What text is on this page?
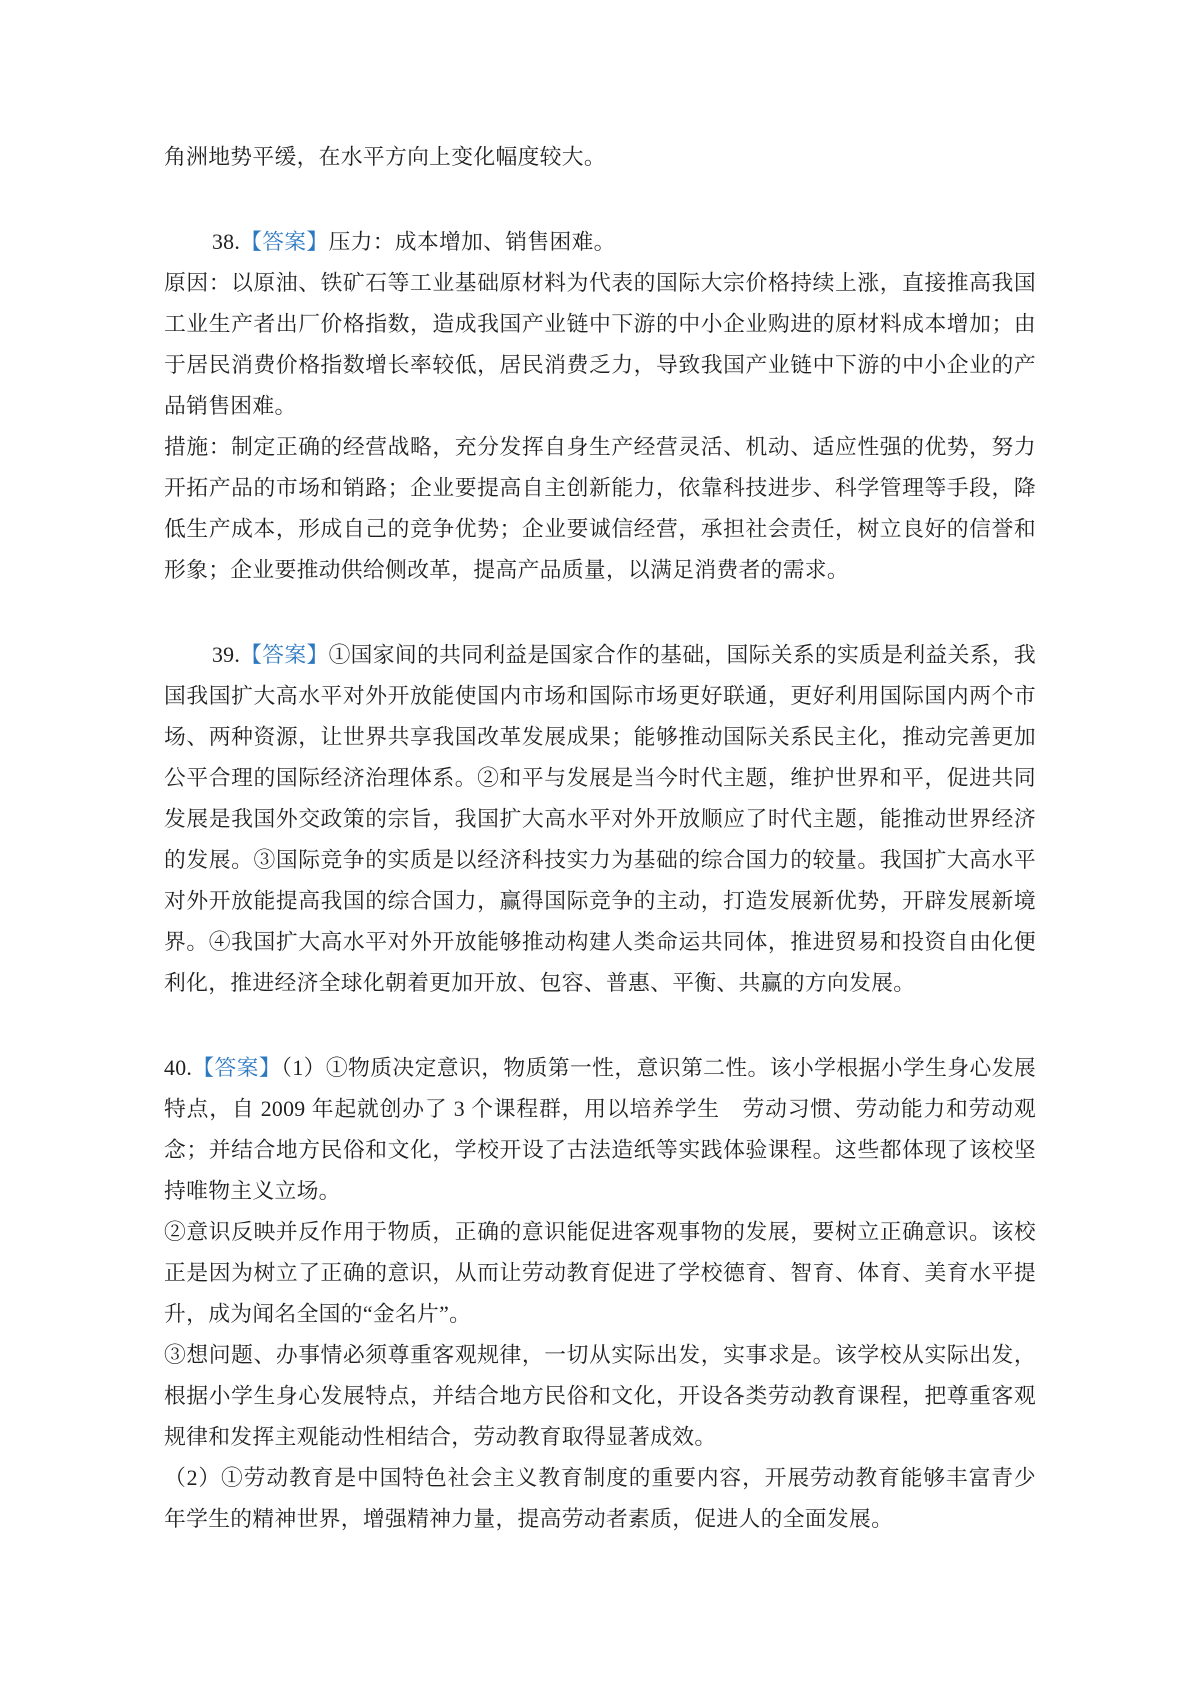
角洲地势平缓，在水平方向上变化幅度较大。

38.【答案】压力：成本增加、销售困难。

原因：以原油、铁矿石等工业基础原材料为代表的国际大宗价格持续上涨，直接推高我国工业生产者出厂价格指数，造成我国产业链中下游的中小企业购进的原材料成本增加；由于居民消费价格指数增长率较低，居民消费乏力，导致我国产业链中下游的中小企业的产品销售困难。

措施：制定正确的经营战略，充分发挥自身生产经营灵活、机动、适应性强的优势，努力开拓产品的市场和销路；企业要提高自主创新能力，依靠科技进步、科学管理等手段，降低生产成本，形成自己的竞争优势；企业要诚信经营，承担社会责任，树立良好的信誉和形象；企业要推动供给侧改革，提高产品质量，以满足消费者的需求。

39.【答案】①国家间的共同利益是国家合作的基础，国际关系的实质是利益关系，我国我国扩大高水平对外开放能使国内市场和国际市场更好联通，更好利用国际国内两个市场、两种资源，让世界共享我国改革发展成果；能够推动国际关系民主化，推动完善更加公平合理的国际经济治理体系。②和平与发展是当今时代主题，维护世界和平，促进共同发展是我国外交政策的宗旨，我国扩大高水平对外开放顺应了时代主题，能推动世界经济的发展。③国际竞争的实质是以经济科技实力为基础的综合国力的较量。我国扩大高水平对外开放能提高我国的综合国力，赢得国际竞争的主动，打造发展新优势，开辟发展新境界。④我国扩大高水平对外开放能够推动构建人类命运共同体，推进贸易和投资自由化便利化，推进经济全球化朝着更加开放、包容、普惠、平衡、共赢的方向发展。

40.【答案】（1）①物质决定意识，物质第一性，意识第二性。该小学根据小学生身心发展特点，自 2009 年起就创办了 3 个课程群，用以培养学生　劳动习惯、劳动能力和劳动观念；并结合地方民俗和文化，学校开设了古法造纸等实践体验课程。这些都体现了该校坚持唯物主义立场。

②意识反映并反作用于物质，正确的意识能促进客观事物的发展，要树立正确意识。该校正是因为树立了正确的意识，从而让劳动教育促进了学校德育、智育、体育、美育水平提升，成为闻名全国的“金名片”。

③想问题、办事情必须尊重客观规律，一切从实际出发，实事求是。该学校从实际出发，根据小学生身心发展特点，并结合地方民俗和文化，开设各类劳动教育课程，把尊重客观规律和发挥主观能动性相结合，劳动教育取得显著成效。

（2）①劳动教育是中国特色社会主义教育制度的重要内容，开展劳动教育能够丰富青少年学生的精神世界，增强精神力量，提高劳动者素质，促进人的全面发展。
